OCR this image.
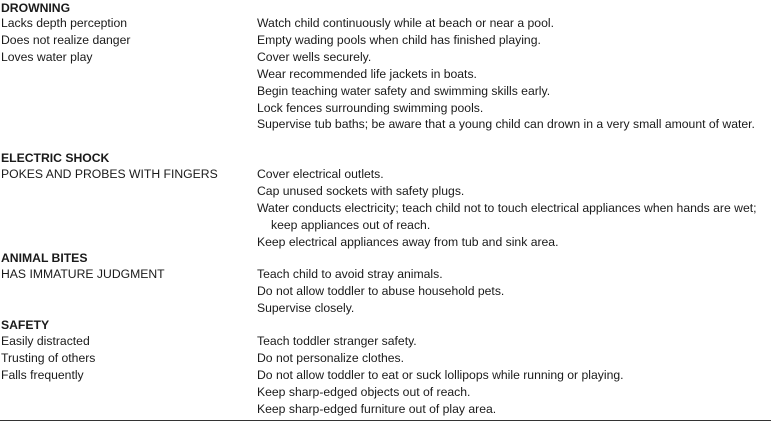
DROWNING
Lacks depth perception
Does not realize danger
Loves water play
Watch child continuously while at beach or near a pool.
Empty wading pools when child has finished playing.
Cover wells securely.
Wear recommended life jackets in boats.
Begin teaching water safety and swimming skills early.
Lock fences surrounding swimming pools.
Supervise tub baths; be aware that a young child can drown in a very small amount of water.
ELECTRIC SHOCK
POKES AND PROBES WITH FINGERS	Cover electrical outlets.
Cap unused sockets with safety plugs.
Water conducts electricity; teach child not to touch electrical appliances when hands are wet; keep appliances out of reach.
Keep electrical appliances away from tub and sink area.
ANIMAL BITES
HAS IMMATURE JUDGMENT	Teach child to avoid stray animals.
Do not allow toddler to abuse household pets.
Supervise closely.
SAFETY
Easily distracted
Trusting of others
Falls frequently
Teach toddler stranger safety.
Do not personalize clothes.
Do not allow toddler to eat or suck lollipops while running or playing.
Keep sharp-edged objects out of reach.
Keep sharp-edged furniture out of play area.
